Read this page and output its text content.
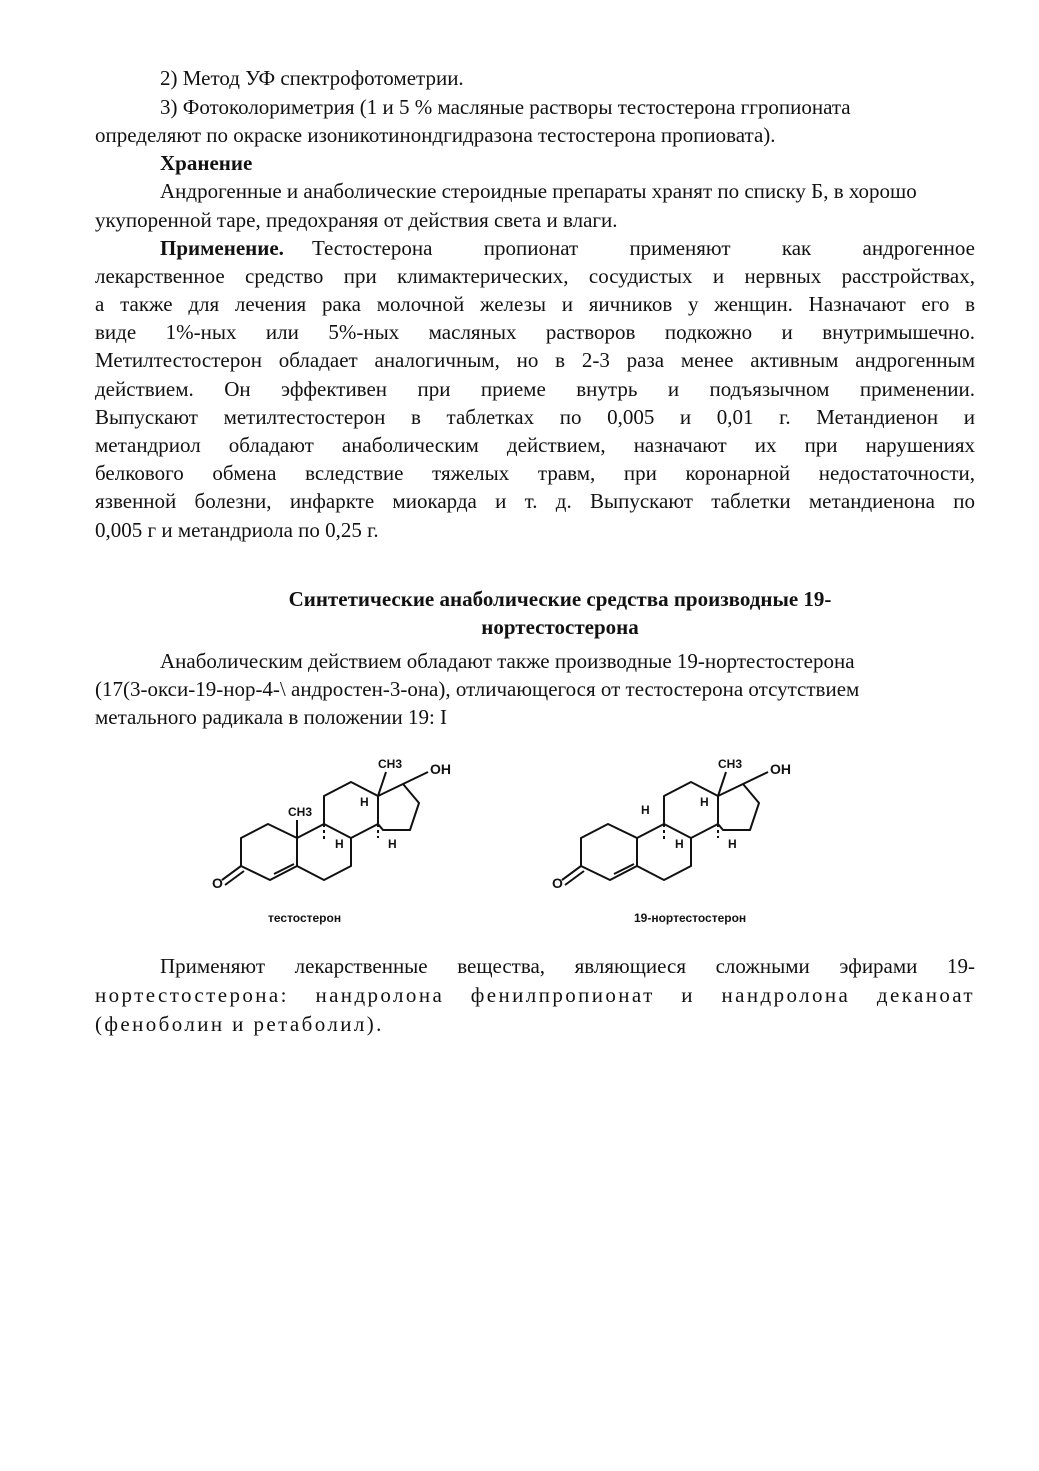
2) Метод УФ спектрофотометрии.
3) Фотоколориметрия (1 и 5 % масляные растворы тестостерона ггропионата
определяют по окраске изоникотинондгидразона тестостерона пропиовата).
Хранение
Андрогенные и анаболические стероидные препараты хранят по списку Б, в хорошо
укупоренной таре, предохраняя от действия света и влаги.
Применение. Тестостерона пропионат применяют как андрогенное
лекарственное средство при климактерических, сосудистых и нервных расстройствах,
а также для лечения рака молочной железы и яичников у женщин. Назначают его в
виде 1%-ных или 5%-ных масляных растворов подкожно и внутримышечно.
Метилтестостерон обладает аналогичным, но в 2-3 раза менее активным андрогенным
действием. Он эффективен при приеме внутрь и подъязычном применении.
Выпускают метилтестостерон в таблетках по 0,005 и 0,01 г. Метандиенон и
метандриол обладают анаболическим действием, назначают их при нарушениях
белкового обмена вследствие тяжелых травм, при коронарной недостаточности,
язвенной болезни, инфаркте миокарда и т. д. Выпускают таблетки метандиенона по
0,005 г и метандриола по 0,25 г.
Синтетические анаболические средства производные 19-
нортестостерона
Анаболическим действием обладают также производные 19-нортестостерона
(17(3-окси-19-нор-4-\ андростен-3-она), отличающегося от тестостерона отсутствием
метального радикала в положении 19: I
O
OH
CH3
CH3
H
H	H
тестостерон
O
OH
CH3
H
H
H	H
19-нортестостерон
Применяют лекарственные вещества, являющиеся сложными эфирами 19-
нортестостерона: нандролона фенилпропионат и нандролона деканоат
(феноболин и ретаболил).
